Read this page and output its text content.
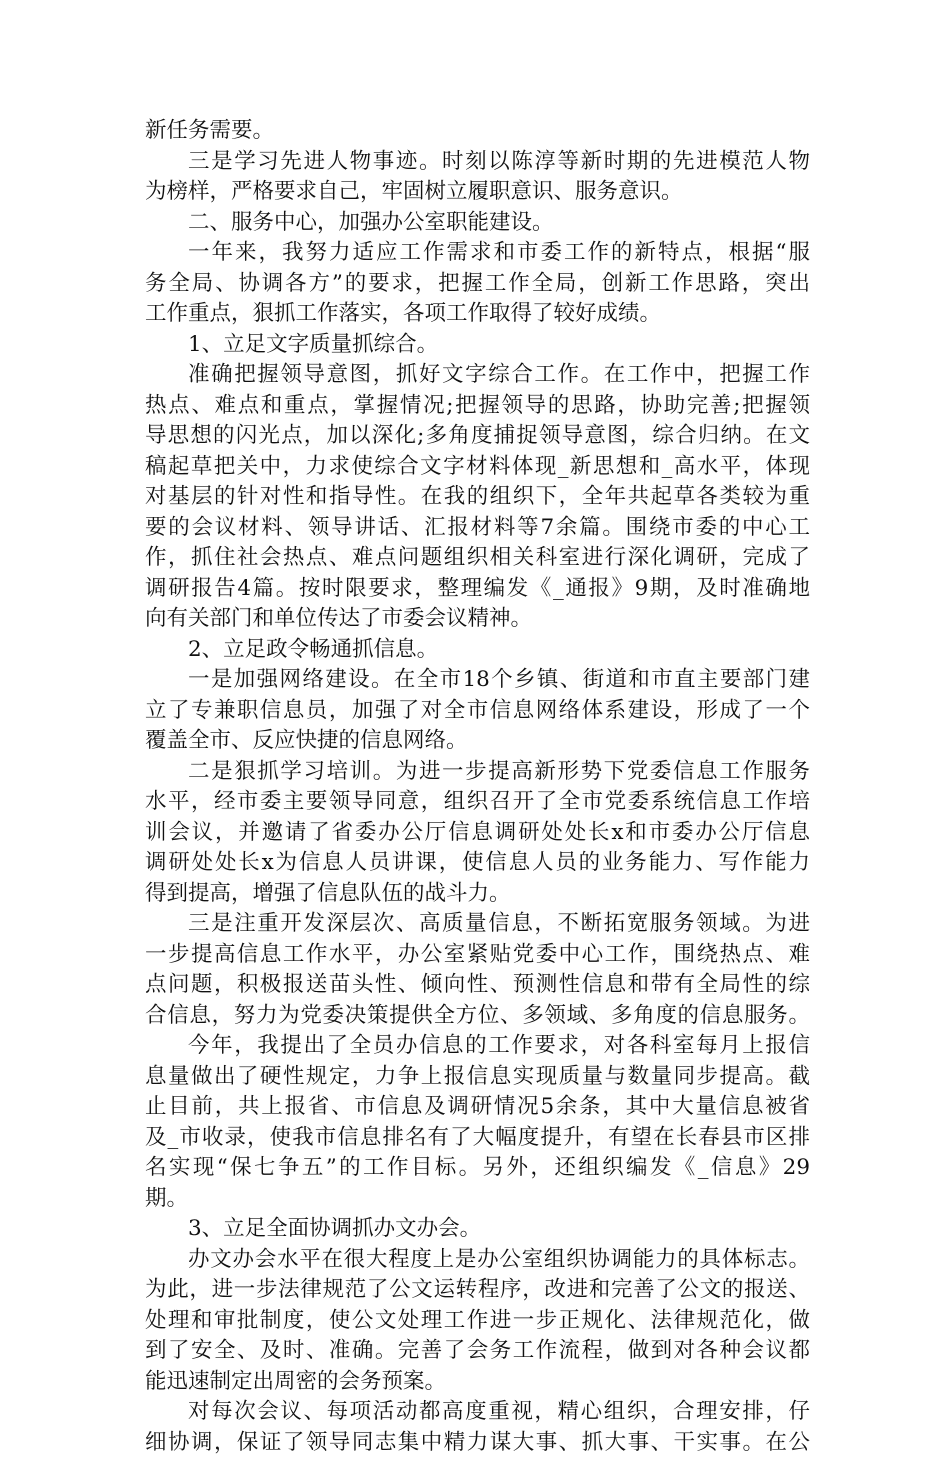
新任务需要。
三是学习先进人物事迹。时刻以陈淳等新时期的先进模范人物
为榜样，严格要求自己，牢固树立履职意识、服务意识。
二、服务中心，加强办公室职能建设。
一年来，我努力适应工作需求和市委工作的新特点，根据“服
务全局、协调各方”的要求，把握工作全局，创新工作思路，突出
工作重点，狠抓工作落实，各项工作取得了较好成绩。
1、立足文字质量抓综合。
准确把握领导意图，抓好文字综合工作。在工作中，把握工作
热点、难点和重点，掌握情况;把握领导的思路，协助完善;把握领
导思想的闪光点，加以深化;多角度捕捉领导意图，综合归纳。在文
稿起草把关中，力求使综合文字材料体现_新思想和_高水平，体现
对基层的针对性和指导性。在我的组织下，全年共起草各类较为重
要的会议材料、领导讲话、汇报材料等7余篇。围绕市委的中心工
作，抓住社会热点、难点问题组织相关科室进行深化调研，完成了
调研报告4篇。按时限要求，整理编发《_通报》9期，及时准确地
向有关部门和单位传达了市委会议精神。
2、立足政令畅通抓信息。
一是加强网络建设。在全市18个乡镇、街道和市直主要部门建
立了专兼职信息员，加强了对全市信息网络体系建设，形成了一个
覆盖全市、反应快捷的信息网络。
二是狠抓学习培训。为进一步提高新形势下党委信息工作服务
水平，经市委主要领导同意，组织召开了全市党委系统信息工作培
训会议，并邀请了省委办公厅信息调研处处长x和市委办公厅信息
调研处处长x为信息人员讲课，使信息人员的业务能力、写作能力
得到提高，增强了信息队伍的战斗力。
三是注重开发深层次、高质量信息，不断拓宽服务领域。为进
一步提高信息工作水平，办公室紧贴党委中心工作，围绕热点、难
点问题，积极报送苗头性、倾向性、预测性信息和带有全局性的综
合信息，努力为党委决策提供全方位、多领域、多角度的信息服务。
今年，我提出了全员办信息的工作要求，对各科室每月上报信
息量做出了硬性规定，力争上报信息实现质量与数量同步提高。截
止目前，共上报省、市信息及调研情况5余条，其中大量信息被省
及_市收录，使我市信息排名有了大幅度提升，有望在长春县市区排
名实现“保七争五”的工作目标。另外，还组织编发《_信息》29
期。
3、立足全面协调抓办文办会。
办文办会水平在很大程度上是办公室组织协调能力的具体标志。
为此，进一步法律规范了公文运转程序，改进和完善了公文的报送、
处理和审批制度，使公文处理工作进一步正规化、法律规范化，做
到了安全、及时、准确。完善了会务工作流程，做到对各种会议都
能迅速制定出周密的会务预案。
对每次会议、每项活动都高度重视，精心组织，合理安排，仔
细协调，保证了领导同志集中精力谋大事、抓大事、干实事。在公
